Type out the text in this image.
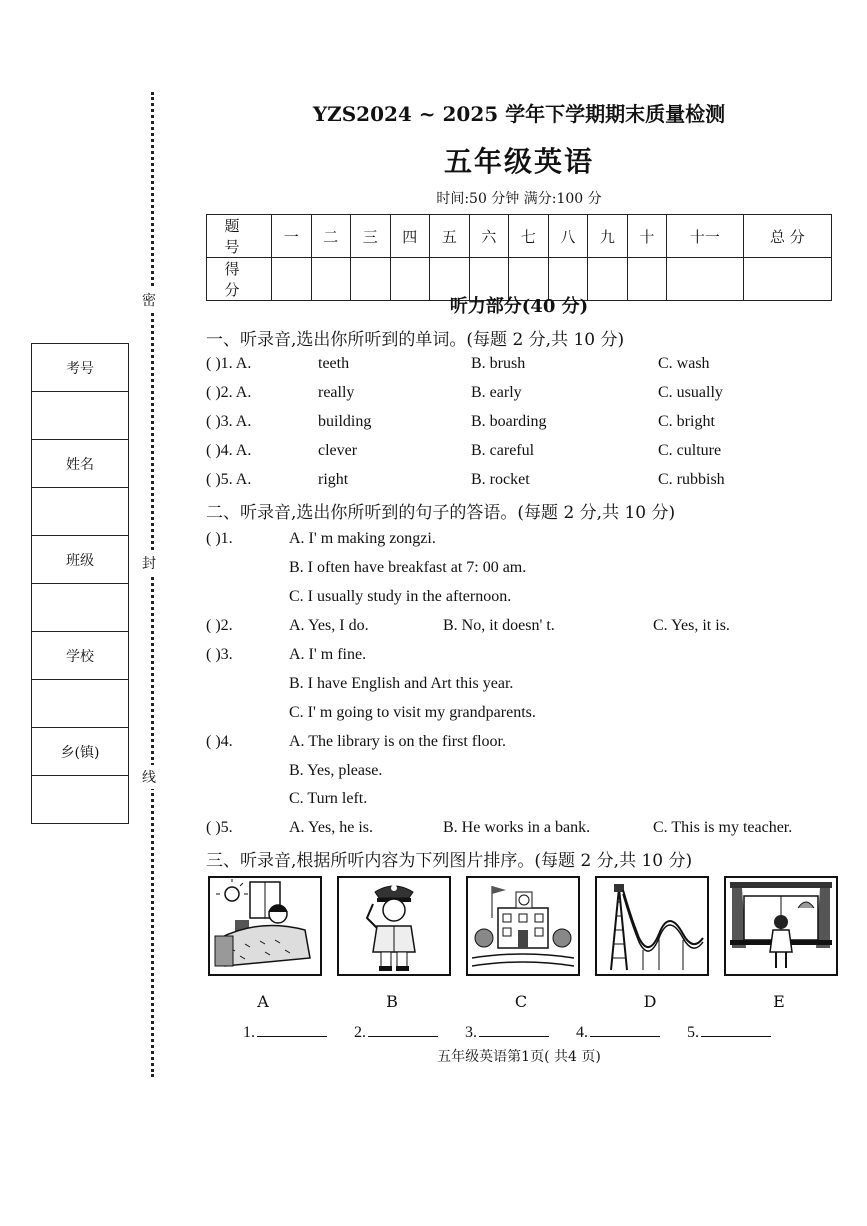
密
封
线
考号
姓名
班级
学校
乡(镇)
YZS2024 ~ 2025 学年下学期期末质量检测
五年级英语
时间:50 分钟 满分:100 分
题 号	一	二	三	四	五	六	七	八	九	十	十一	总 分
得 分												
听力部分(40 分)
一、听录音,选出你所听到的单词。(每题 2 分,共 10 分)
( )1. A.	teeth	B. brush	C. wash
( )2. A.	really	B. early	C. usually
( )3. A.	building	B. boarding	C. bright
( )4. A.	clever	B. careful	C. culture
( )5. A.	right	B. rocket	C. rubbish
二、听录音,选出你所听到的句子的答语。(每题 2 分,共 10 分)
( )1.	A. I' m making zongzi.
B. I often have breakfast at 7: 00 am.
C. I usually study in the afternoon.
( )2.	A. Yes, I do.	B. No, it doesn' t.	C. Yes, it is.
( )3.	A. I' m fine.
B. I have English and Art this year.
C. I' m going to visit my grandparents.
( )4.	A. The library is on the first floor.
B. Yes, please.
C. Turn left.
( )5.	A. Yes, he is.	B. He works in a bank.	C. This is my teacher.
三、听录音,根据所听内容为下列图片排序。(每题 2 分,共 10 分)
A	B	C	D	E
1.	2.	3.	4.	5.
五年级英语第1页( 共4 页)
